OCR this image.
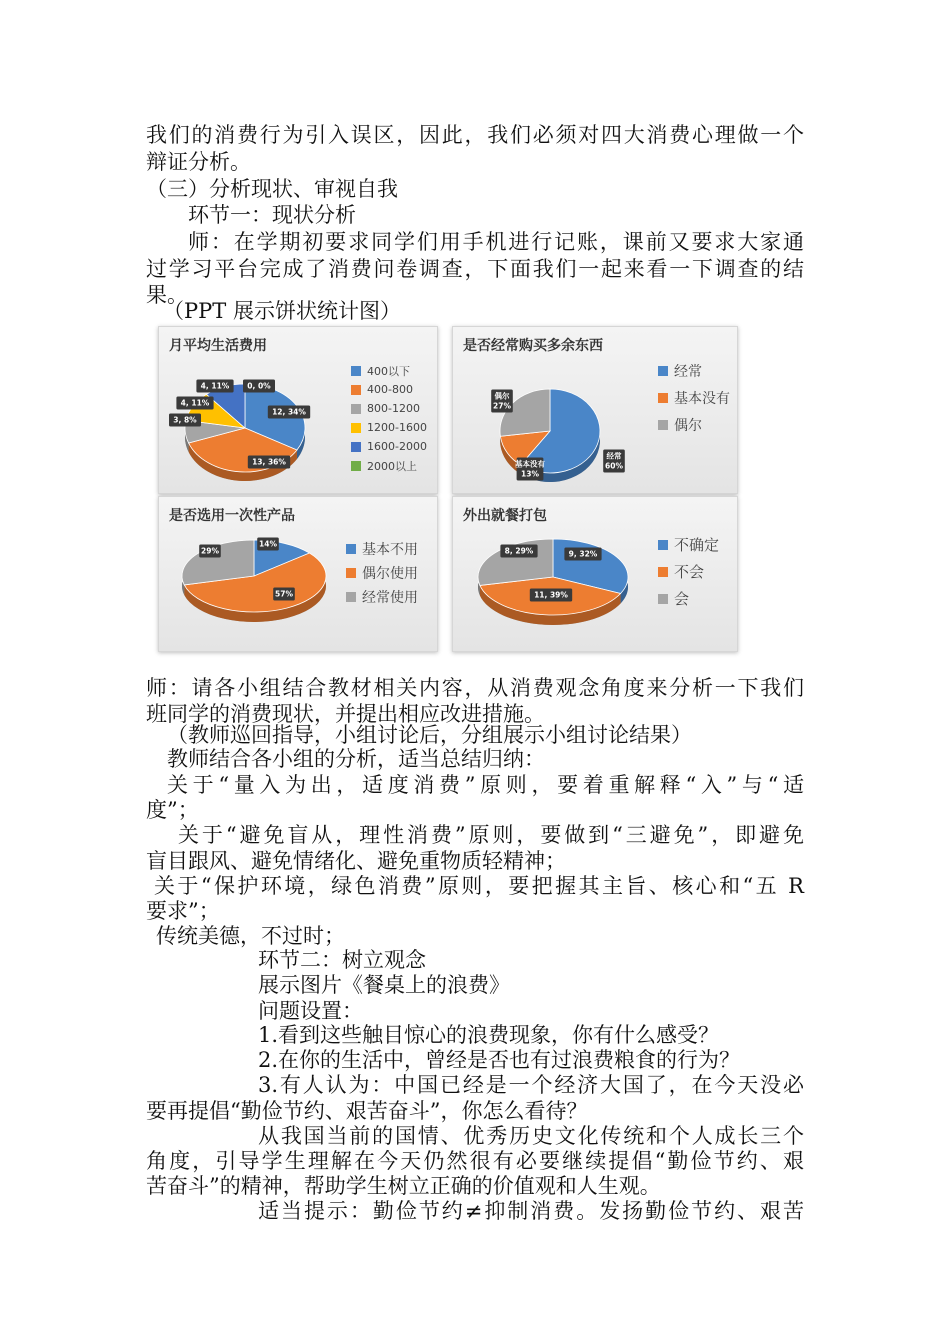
我们的消费行为引入误区，因此，我们必须对四大消费心理做一个
辩证分析。
（三）分析现状、审视自我
环节一：现状分析
师：在学期初要求同学们用手机进行记账，课前又要求大家通
过学习平台完成了消费问卷调查，下面我们一起来看一下调查的结
果。
（PPT 展示饼状统计图）
月平均生活费用
12, 34%
13, 36%
3, 8%
4, 11%
4, 11% 0, 0%
400以下
400-800
800-1200
1200-1600
1600-2000
2000以上
是否经常购买多余东西
经常
60%
基本没有
13%
偶尔
27%
经常
基本没有
偶尔
是否选用一次性产品
14%
57%
29%	基本不用
偶尔使用
经常使用
外出就餐打包
9, 32%
11, 39%
8, 29%	不确定
不会
会
师：请各小组结合教材相关内容，从消费观念角度来分析一下我们
班同学的消费现状，并提出相应改进措施。
（教师巡回指导，小组讨论后，分组展示小组讨论结果）
教师结合各小组的分析，适当总结归纳：
关于“量入为出，适度消费”原则，要着重解释“入”与“适
度”；
关于“避免盲从，理性消费”原则，要做到“三避免”，即避免
盲目跟风、避免情绪化、避免重物质轻精神；
关于“保护环境，绿色消费”原则，要把握其主旨、核心和“五 R
要求”；
传统美德，不过时；
环节二：树立观念
展示图片《餐桌上的浪费》
问题设置：
1.看到这些触目惊心的浪费现象，你有什么感受？
2.在你的生活中，曾经是否也有过浪费粮食的行为？
3.有人认为：中国已经是一个经济大国了，在今天没必
要再提倡“勤俭节约、艰苦奋斗”，你怎么看待？
从我国当前的国情、优秀历史文化传统和个人成长三个
角度，引导学生理解在今天仍然很有必要继续提倡“勤俭节约、艰
苦奋斗”的精神，帮助学生树立正确的价值观和人生观。
适当提示：勤俭节约≠抑制消费。发扬勤俭节约、艰苦
